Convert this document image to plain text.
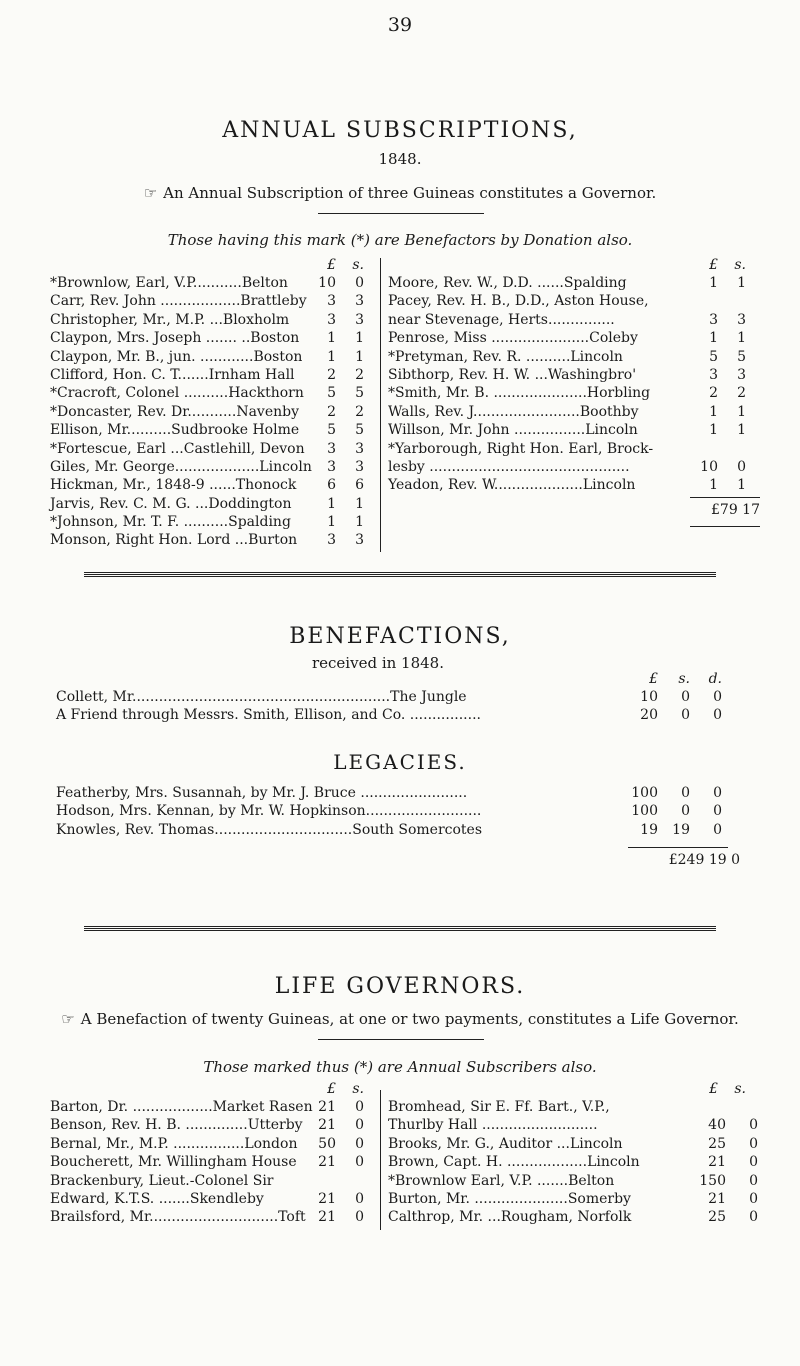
39
ANNUAL SUBSCRIPTIONS,
1848.
☞ An Annual Subscription of three Guineas constitutes a Governor.
Those having this mark (*) are Benefactors by Donation also.
£	s.
*Brownlow, Earl, V.P...........Belton	10	0
Carr, Rev. John ..................Brattleby	3	3
Christopher, Mr., M.P. ...Bloxholm	3	3
Claypon, Mrs. Joseph ....... ..Boston	1	1
Claypon, Mr. B., jun. ............Boston	1	1
Clifford, Hon. C. T.......Irnham Hall	2	2
*Cracroft, Colonel ..........Hackthorn	5	5
*Doncaster, Rev. Dr...........Navenby	2	2
Ellison, Mr..........Sudbrooke Holme	5	5
*Fortescue, Earl ...Castlehill, Devon	3	3
Giles, Mr. George...................Lincoln	3	3
Hickman, Mr., 1848-9 ......Thonock	6	6
Jarvis, Rev. C. M. G. ...Doddington	1	1
*Johnson, Mr. T. F. ..........Spalding	1	1
Monson, Right Hon. Lord ...Burton	3	3
£	s.
Moore, Rev. W., D.D. ......Spalding	1	1
Pacey, Rev. H. B., D.D., Aston House,
near Stevenage, Herts...............	3	3
Penrose, Miss ......................Coleby	1	1
*Pretyman, Rev. R. ..........Lincoln	5	5
Sibthorp, Rev. H. W. ...Washingbro'	3	3
*Smith, Mr. B. .....................Horbling	2	2
Walls, Rev. J........................Boothby	1	1
Willson, Mr. John ................Lincoln	1	1
*Yarborough, Right Hon. Earl, Brock-
lesby .............................................	10	0
Yeadon, Rev. W....................Lincoln	1	1
£79 17
BENEFACTIONS,
received in 1848.
£	s.	d.
Collett, Mr..........................................................The Jungle	10	0	0
A Friend through Messrs. Smith, Ellison, and Co. ................	20	0	0
LEGACIES.
Featherby, Mrs. Susannah, by Mr. J. Bruce ........................	100	0	0
Hodson, Mrs. Kennan, by Mr. W. Hopkinson..........................	100	0	0
Knowles, Rev. Thomas...............................South Somercotes	19	19	0
£249 19 0
LIFE GOVERNORS.
☞ A Benefaction of twenty Guineas, at one or two payments, constitutes a Life Governor.
Those marked thus (*) are Annual Subscribers also.
£	s.
Barton, Dr. ..................Market Rasen 21	0
Benson, Rev. H. B. ..............Utterby	21	0
Bernal, Mr., M.P. ................London	50	0
Boucherett, Mr. Willingham House	21	0
Brackenbury, Lieut.-Colonel Sir
Edward, K.T.S. .......Skendleby	21	0
Brailsford, Mr.............................Toft 21	0
£	s.
Bromhead, Sir E. Ff. Bart., V.P.,
Thurlby Hall ..........................	40	0
Brooks, Mr. G., Auditor ...Lincoln	25	0
Brown, Capt. H. ..................Lincoln	21	0
*Brownlow Earl, V.P. .......Belton	150	0
Burton, Mr. .....................Somerby	21	0
Calthrop, Mr. ...Rougham, Norfolk	25	0
